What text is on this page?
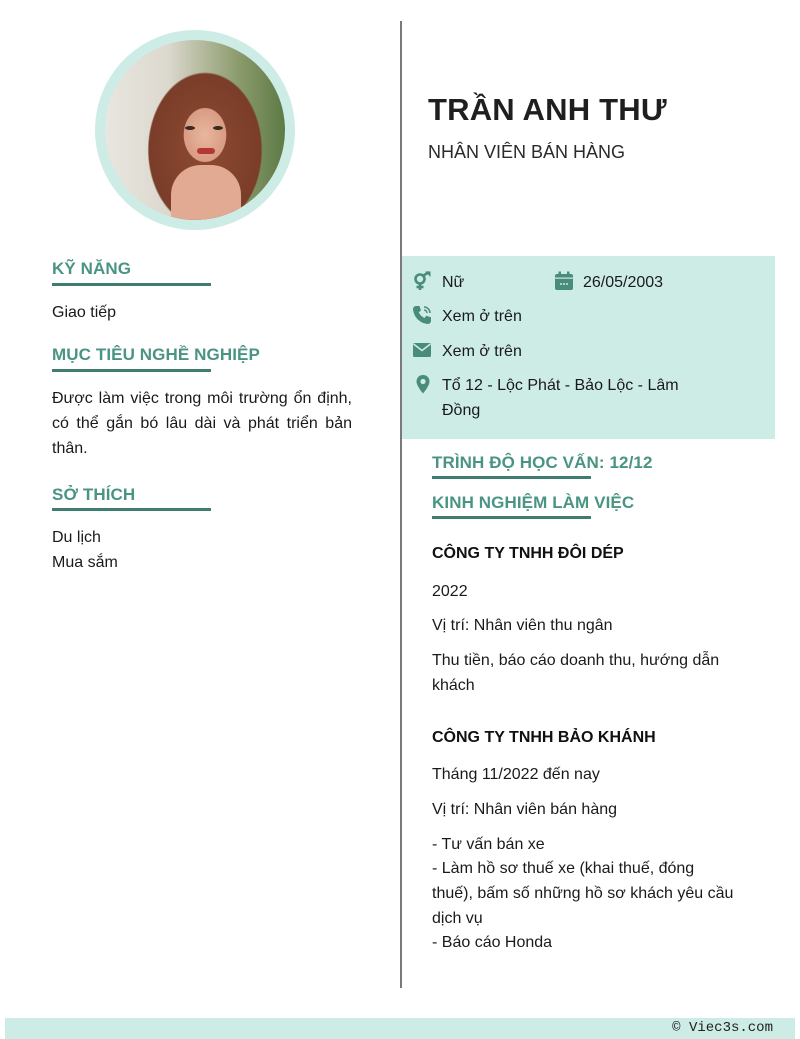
KỸ NĂNG
Giao tiếp
MỤC TIÊU NGHỀ NGHIỆP
Được làm việc trong môi trường ổn định, có thể gắn bó lâu dài và phát triển bản thân.
SỞ THÍCH
Du lịch
Mua sắm
TRẦN ANH THƯ
NHÂN VIÊN BÁN HÀNG
Nữ	26/05/2003
Xem ở trên
Xem ở trên
Tổ 12 - Lộc Phát - Bảo Lộc - Lâm
Đồng
TRÌNH ĐỘ HỌC VẤN: 12/12
KINH NGHIỆM LÀM VIỆC
CÔNG TY TNHH ĐÔI DÉP
2022
Vị trí: Nhân viên thu ngân
Thu tiền, báo cáo doanh thu, hướng dẫn
khách
CÔNG TY TNHH BẢO KHÁNH
Tháng 11/2022 đến nay
Vị trí: Nhân viên bán hàng
- Tư vấn bán xe
- Làm hồ sơ thuế xe (khai thuế, đóng
thuế), bấm số những hồ sơ khách yêu cầu
dịch vụ
- Báo cáo Honda
© Viec3s.com
